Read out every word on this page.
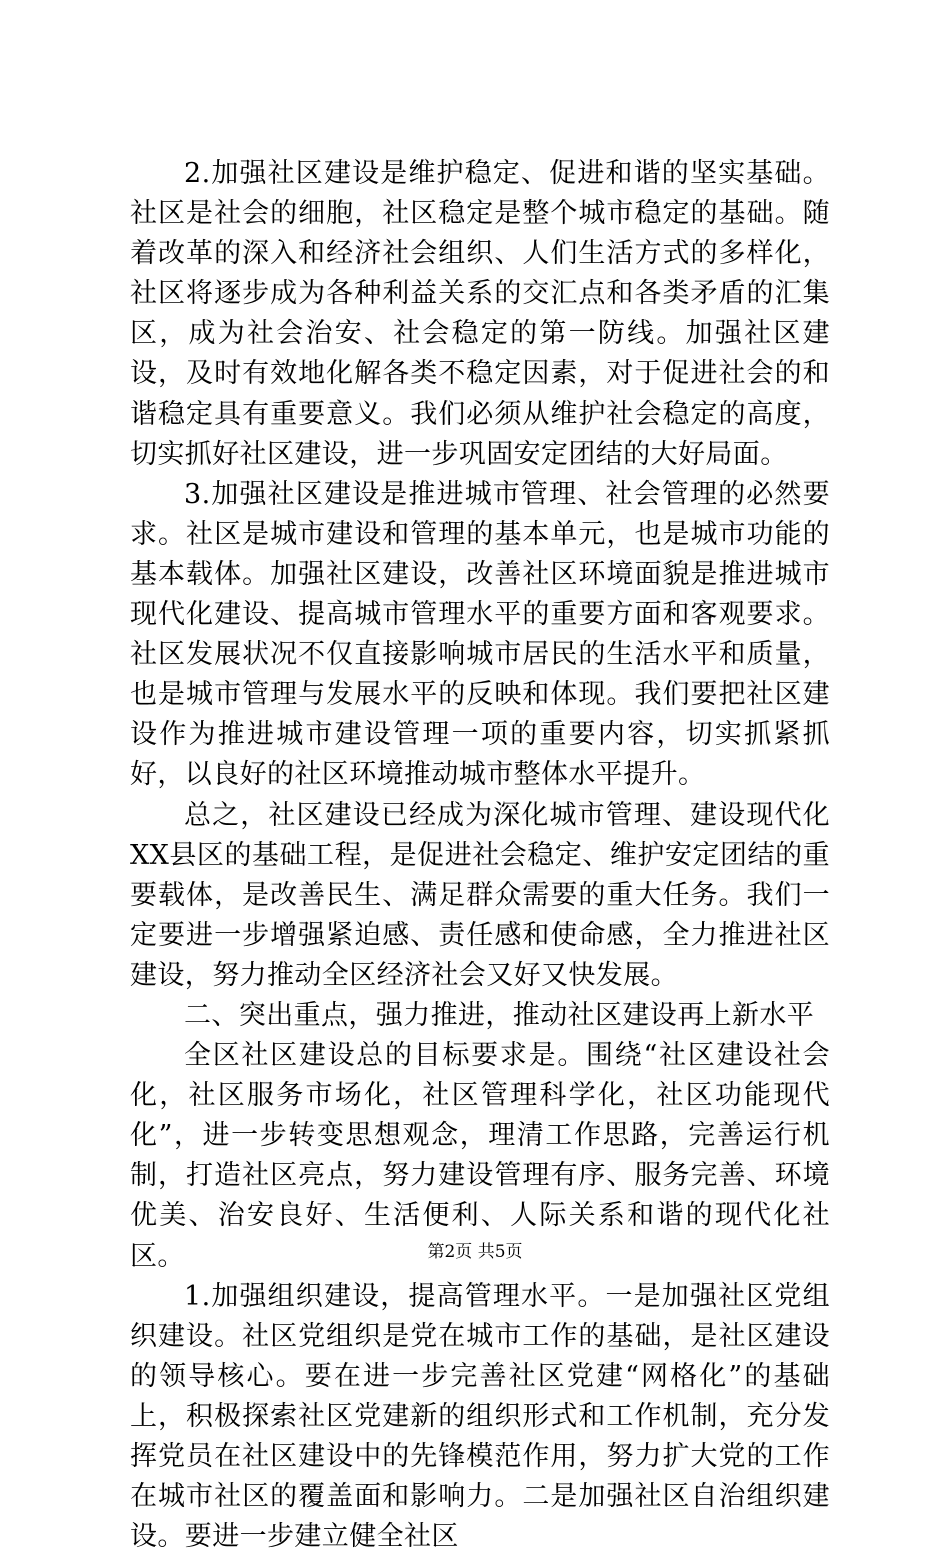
2.加强社区建设是维护稳定、促进和谐的坚实基础。社区是社会的细胞，社区稳定是整个城市稳定的基础。随着改革的深入和经济社会组织、人们生活方式的多样化，社区将逐步成为各种利益关系的交汇点和各类矛盾的汇集区，成为社会治安、社会稳定的第一防线。加强社区建设，及时有效地化解各类不稳定因素，对于促进社会的和谐稳定具有重要意义。我们必须从维护社会稳定的高度，切实抓好社区建设，进一步巩固安定团结的大好局面。

3.加强社区建设是推进城市管理、社会管理的必然要求。社区是城市建设和管理的基本单元，也是城市功能的基本载体。加强社区建设，改善社区环境面貌是推进城市现代化建设、提高城市管理水平的重要方面和客观要求。社区发展状况不仅直接影响城市居民的生活水平和质量，也是城市管理与发展水平的反映和体现。我们要把社区建设作为推进城市建设管理一项的重要内容，切实抓紧抓好，以良好的社区环境推动城市整体水平提升。

总之，社区建设已经成为深化城市管理、建设现代化XX县区的基础工程，是促进社会稳定、维护安定团结的重要载体，是改善民生、满足群众需要的重大任务。我们一定要进一步增强紧迫感、责任感和使命感，全力推进社区建设，努力推动全区经济社会又好又快发展。

二、突出重点，强力推进，推动社区建设再上新水平

全区社区建设总的目标要求是。围绕“社区建设社会化，社区服务市场化，社区管理科学化，社区功能现代化”，进一步转变思想观念，理清工作思路，完善运行机制，打造社区亮点，努力建设管理有序、服务完善、环境优美、治安良好、生活便利、人际关系和谐的现代化社区。

1.加强组织建设，提高管理水平。一是加强社区党组织建设。社区党组织是党在城市工作的基础，是社区建设的领导核心。要在进一步完善社区党建“网格化”的基础上，积极探索社区党建新的组织形式和工作机制，充分发挥党员在社区建设中的先锋模范作用，努力扩大党的工作在城市社区的覆盖面和影响力。二是加强社区自治组织建设。要进一步建立健全社区

第2页 共5页
